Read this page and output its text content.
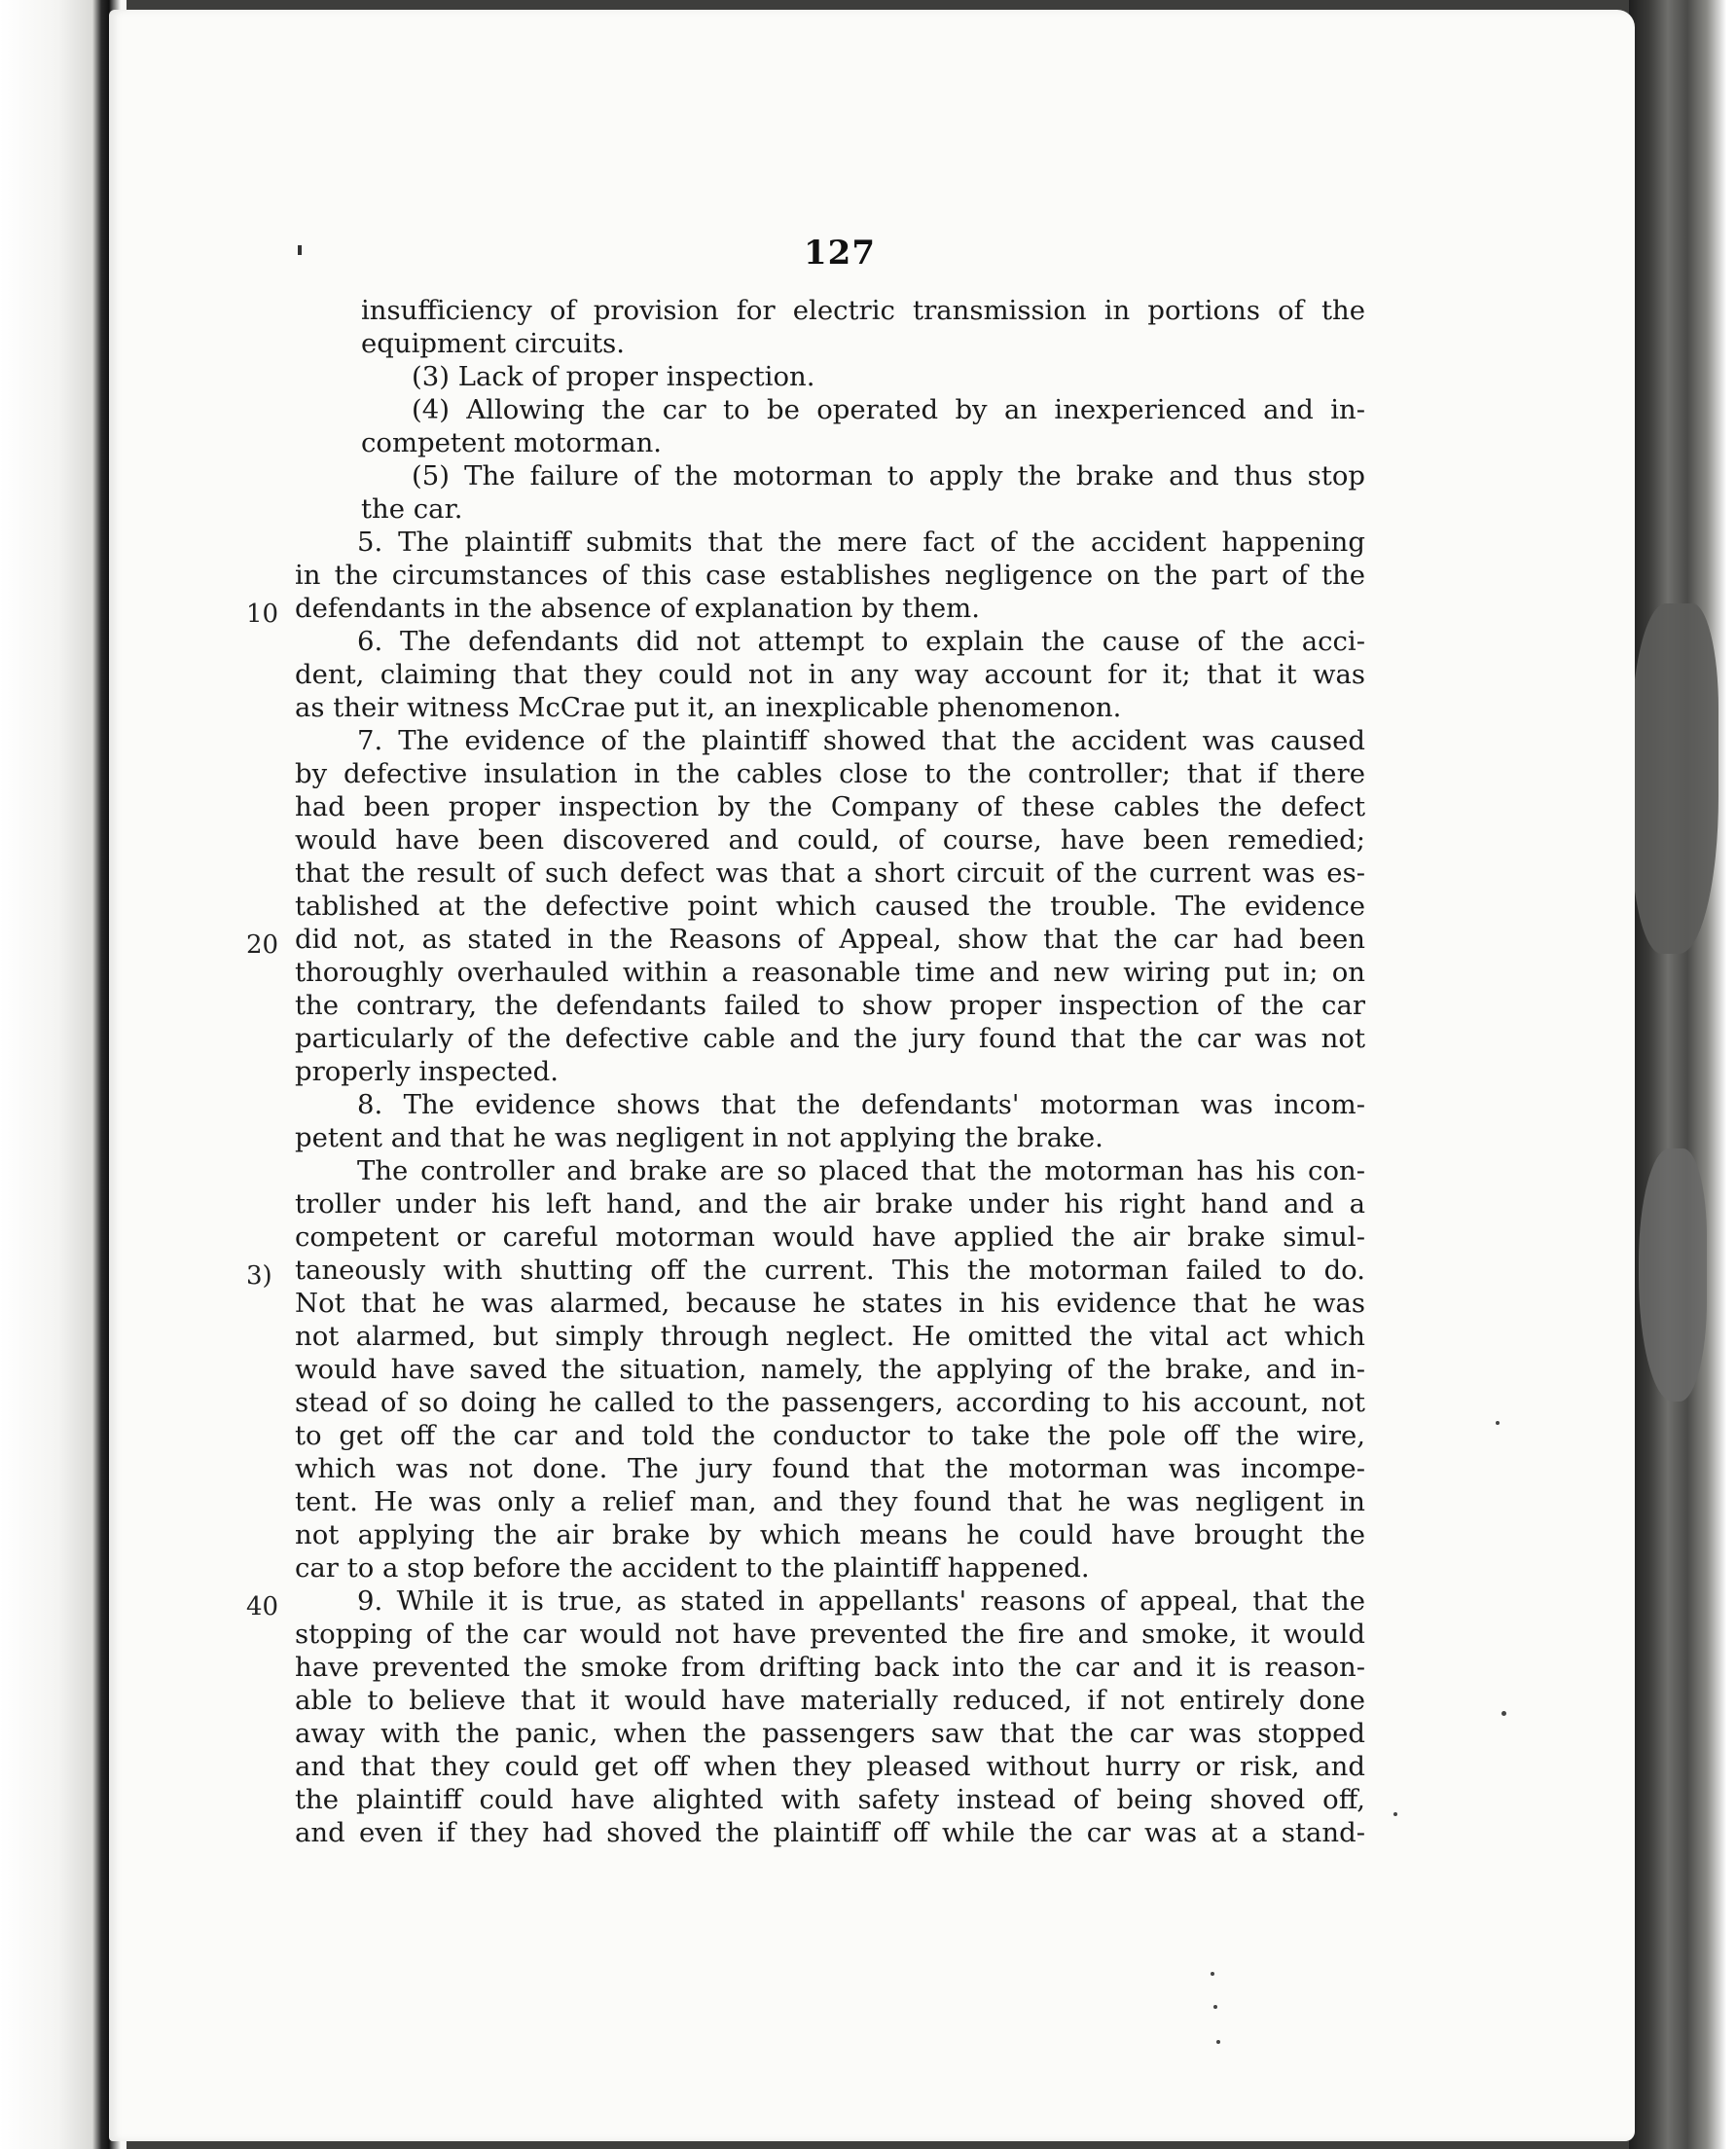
127
10
20
3)
40
insufficiency of provision for electric transmission in portions of the
equipment circuits.
(3) Lack of proper inspection.
(4) Allowing the car to be operated by an inexperienced and in-
competent motorman.
(5) The failure of the motorman to apply the brake and thus stop
the car.
5. The plaintiff submits that the mere fact of the accident happening
in the circumstances of this case establishes negligence on the part of the
defendants in the absence of explanation by them.
6. The defendants did not attempt to explain the cause of the acci-
dent, claiming that they could not in any way account for it; that it was
as their witness McCrae put it, an inexplicable phenomenon.
7. The evidence of the plaintiff showed that the accident was caused
by defective insulation in the cables close to the controller; that if there
had been proper inspection by the Company of these cables the defect
would have been discovered and could, of course, have been remedied;
that the result of such defect was that a short circuit of the current was es-
tablished at the defective point which caused the trouble. The evidence
did not, as stated in the Reasons of Appeal, show that the car had been
thoroughly overhauled within a reasonable time and new wiring put in; on
the contrary, the defendants failed to show proper inspection of the car
particularly of the defective cable and the jury found that the car was not
properly inspected.
8. The evidence shows that the defendants' motorman was incom-
petent and that he was negligent in not applying the brake.
The controller and brake are so placed that the motorman has his con-
troller under his left hand, and the air brake under his right hand and a
competent or careful motorman would have applied the air brake simul-
taneously with shutting off the current. This the motorman failed to do.
Not that he was alarmed, because he states in his evidence that he was
not alarmed, but simply through neglect. He omitted the vital act which
would have saved the situation, namely, the applying of the brake, and in-
stead of so doing he called to the passengers, according to his account, not
to get off the car and told the conductor to take the pole off the wire,
which was not done. The jury found that the motorman was incompe-
tent. He was only a relief man, and they found that he was negligent in
not applying the air brake by which means he could have brought the
car to a stop before the accident to the plaintiff happened.
9. While it is true, as stated in appellants' reasons of appeal, that the
stopping of the car would not have prevented the fire and smoke, it would
have prevented the smoke from drifting back into the car and it is reason-
able to believe that it would have materially reduced, if not entirely done
away with the panic, when the passengers saw that the car was stopped
and that they could get off when they pleased without hurry or risk, and
the plaintiff could have alighted with safety instead of being shoved off,
and even if they had shoved the plaintiff off while the car was at a stand-
